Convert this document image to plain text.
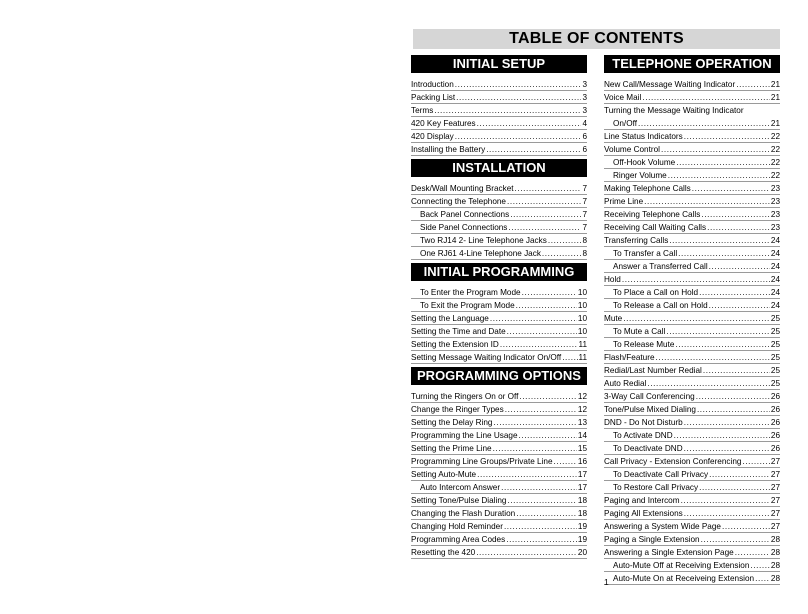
TABLE OF CONTENTS
INITIAL SETUP
Introduction .....	3
Packing List .....	3
Terms .....	3
420 Key Features .....	4
420 Display .....	6
Installing the Battery .....	6
INSTALLATION
Desk/Wall Mounting Bracket .....	7
Connecting the Telephone .....	7
Back Panel Connections .....	7
Side Panel Connections .....	7
Two RJ14 2- Line Telephone Jacks .....	8
One RJ61 4-Line Telephone Jack .....	8
INITIAL PROGRAMMING
To Enter the Program Mode .....	10
To Exit the Program Mode .....	10
Setting the Language .....	10
Setting the Time and Date .....	10
Setting the Extension ID .....	11
Setting Message Waiting Indicator On/Off ..... 11
PROGRAMMING OPTIONS
Turning the Ringers On or Off .....	12
Change the Ringer Types .....	12
Setting the Delay Ring .....	13
Programming the Line Usage .....	14
Setting the Prime Line .....	15
Programming Line Groups/Private Line .....	16
Setting Auto-Mute .....	17
Auto Intercom Answer .....	17
Setting Tone/Pulse Dialing .....	18
Changing the Flash Duration .....	18
Changing Hold Reminder .....	19
Programming Area Codes .....	19
Resetting the 420 .....	20
TELEPHONE OPERATION
New Call/Message Waiting Indicator .....	21
Voice Mail .....	21
Turning the Message Waiting Indicator
On/Off .....	21
Line Status Indicators .....	22
Volume Control .....	22
Off-Hook Volume .....	22
Ringer Volume .....	22
Making Telephone Calls .....	23
Prime Line .....	23
Receiving Telephone Calls .....	23
Receiving Call Waiting Calls .....	23
Transferring Calls .....	24
To Transfer a Call .....	24
Answer a Transferred Call .....	24
Hold .....	24
To Place a Call on Hold .....	24
To Release a Call on Hold .....	24
Mute .....	25
To Mute a Call .....	25
To Release Mute .....	25
Flash/Feature .....	25
Redial/Last Number Redial .....	25
Auto Redial .....	25
3-Way Call Conferencing .....	26
Tone/Pulse Mixed Dialing .....	26
DND - Do Not Disturb .....	26
To Activate DND .....	26
To Deactivate DND .....	26
Call Privacy - Extension Conferencing .....	27
To Deactivate Call Privacy .....	27
To Restore Call Privacy .....	27
Paging and Intercom .....	27
Paging All Extensions .....	27
Answering a System Wide Page .....	27
Paging a Single Extension .....	28
Answering a Single Extension Page .....	28
Auto-Mute Off at Receiving Extension .....	28
Auto-Mute On at Receiveing Extension ..... 28
1
